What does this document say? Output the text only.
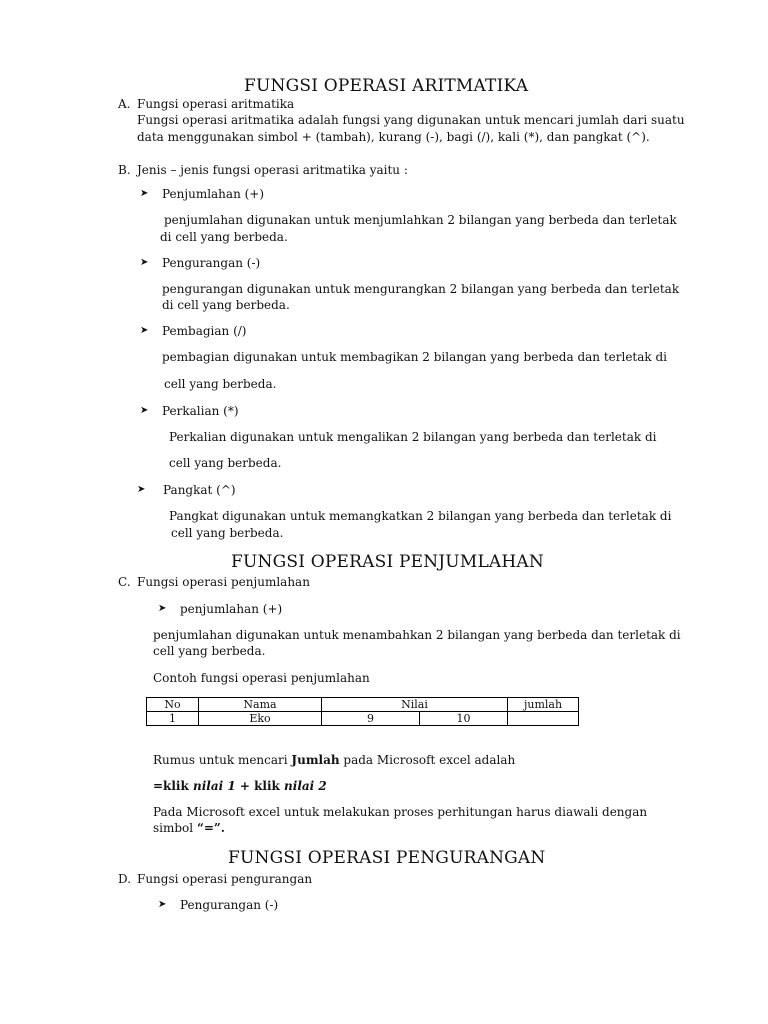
FUNGSI OPERASI ARITMATIKA
A. Fungsi operasi aritmatika
Fungsi operasi aritmatika adalah fungsi yang digunakan untuk mencari jumlah dari suatu
data menggunakan simbol + (tambah), kurang (-), bagi (/), kali (*), dan pangkat (^).
B. Jenis – jenis fungsi operasi aritmatika yaitu :
➤ Penjumlahan (+)
penjumlahan digunakan untuk menjumlahkan 2 bilangan yang berbeda dan terletak
di cell yang berbeda.
➤ Pengurangan (-)
pengurangan digunakan untuk mengurangkan 2 bilangan yang berbeda dan terletak
di cell yang berbeda.
➤ Pembagian (/)
pembagian digunakan untuk membagikan 2 bilangan yang berbeda dan terletak di
cell yang berbeda.
➤ Perkalian (*)
Perkalian digunakan untuk mengalikan 2 bilangan yang berbeda dan terletak di
cell yang berbeda.
➤ Pangkat (^)
Pangkat digunakan untuk memangkatkan 2 bilangan yang berbeda dan terletak di
cell yang berbeda.
FUNGSI OPERASI PENJUMLAHAN
C. Fungsi operasi penjumlahan
➤ penjumlahan (+)
penjumlahan digunakan untuk menambahkan 2 bilangan yang berbeda dan terletak di
cell yang berbeda.
Contoh fungsi operasi penjumlahan
No	Nama	Nilai		jumlah
1	Eko	9	10	
Rumus untuk mencari Jumlah pada Microsoft excel adalah
=klik nilai 1 + klik nilai 2
Pada Microsoft excel untuk melakukan proses perhitungan harus diawali dengan
simbol “=”.
FUNGSI OPERASI PENGURANGAN
D. Fungsi operasi pengurangan
➤ Pengurangan (-)
